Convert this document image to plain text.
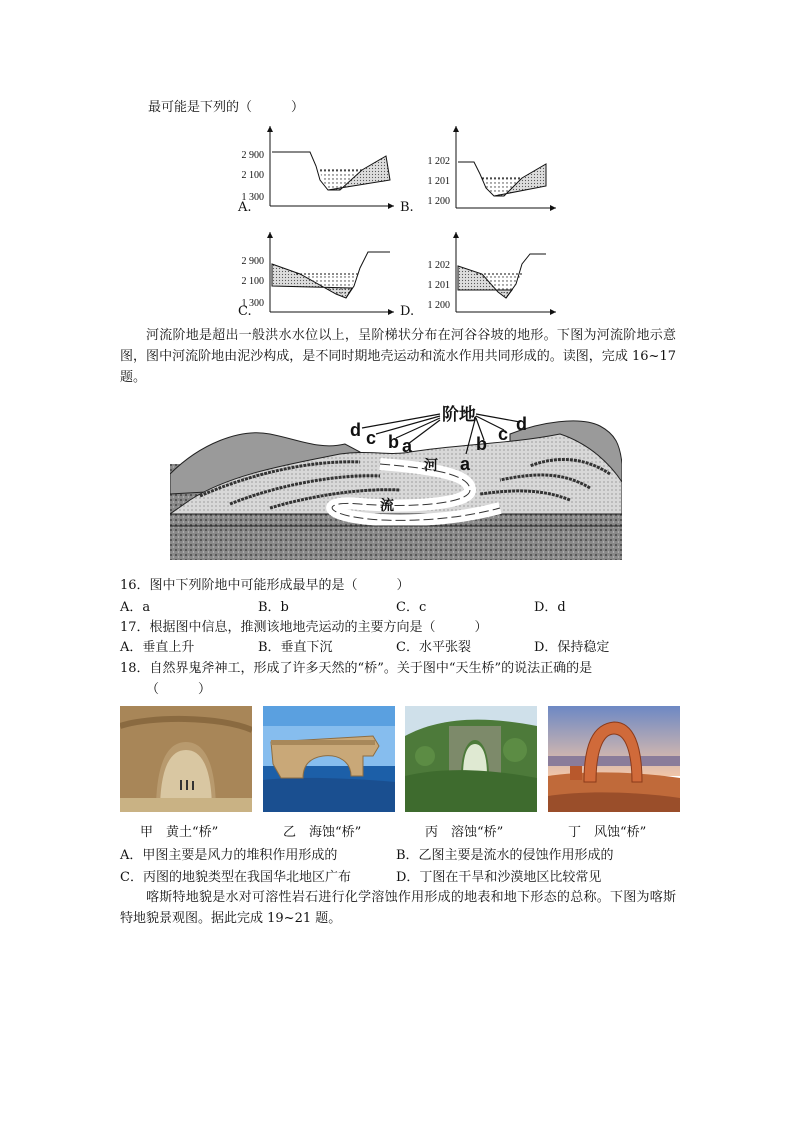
最可能是下列的（　　　）
2 900
2 100
1 300
A.
1 202
1 201
1 200
B.
2 900
2 100
1 300
C.
1 202
1 201
1 200
D.
河流阶地是超出一般洪水水位以上，呈阶梯状分布在河谷谷坡的地形。下图为河流阶地示意图，图中河流阶地由泥沙构成，是不同时期地壳运动和流水作用共同形成的。读图，完成 16~17 题。
阶地
d c b a
a
b c d
河
流
16．图中下列阶地中可能形成最早的是（　　　）
A．a	B．b	C．c	D．d
17．根据图中信息，推测该地地壳运动的主要方向是（　　　）
A．垂直上升	B．垂直下沉	C．水平张裂	D．保持稳定
18．自然界鬼斧神工，形成了许多天然的“桥”。关于图中“天生桥”的说法正确的是
（　　　）
甲　黄土“桥”	乙　海蚀“桥”	丙　溶蚀“桥”	丁　风蚀“桥”
A．甲图主要是风力的堆积作用形成的	B．乙图主要是流水的侵蚀作用形成的
C．丙图的地貌类型在我国华北地区广布	D．丁图在干旱和沙漠地区比较常见
喀斯特地貌是水对可溶性岩石进行化学溶蚀作用形成的地表和地下形态的总称。下图为喀斯特地貌景观图。据此完成 19~21 题。
